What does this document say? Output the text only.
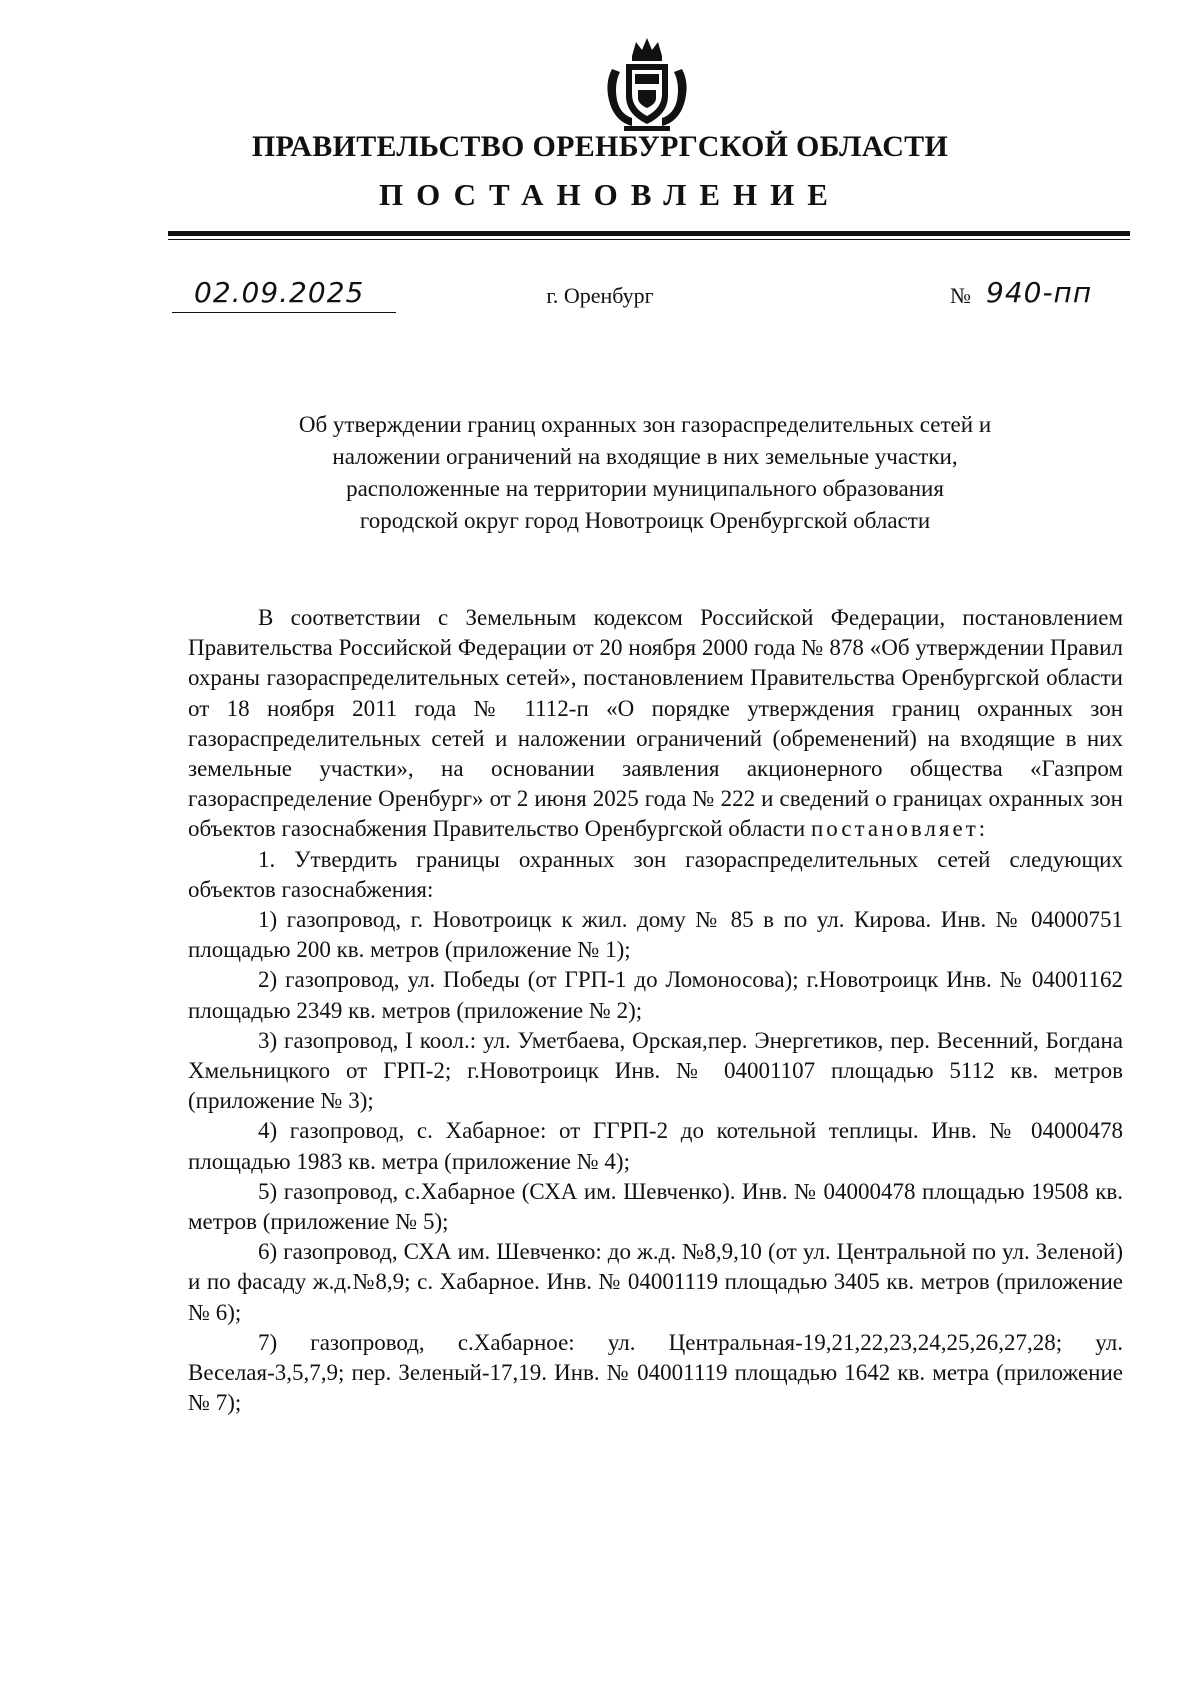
ПРАВИТЕЛЬСТВО ОРЕНБУРГСКОЙ ОБЛАСТИ
ПОСТАНОВЛЕНИЕ
02.09.2025	г. Оренбург	№ 940-пп
Об утверждении границ охранных зон газораспределительных сетей и
наложении ограничений на входящие в них земельные участки,
расположенные на территории муниципального образования
городской округ город Новотроицк Оренбургской области

В соответствии с Земельным кодексом Российской Федерации, постановлением Правительства Российской Федерации от 20 ноября 2000 года № 878 «Об утверждении Правил охраны газораспределительных сетей», постановлением Правительства Оренбургской области от 18 ноября 2011 года № 1112-п «О порядке утверждения границ охранных зон газораспределительных сетей и наложении ограничений (обременений) на входящие в них земельные участки», на основании заявления акционерного общества «Газпром газораспределение Оренбург» от 2 июня 2025 года № 222 и сведений о границах охранных зон объектов газоснабжения Правительство Оренбургской области постановляет:

1. Утвердить границы охранных зон газораспределительных сетей следующих объектов газоснабжения:

1) газопровод, г. Новотроицк к жил. дому № 85 в по ул. Кирова. Инв. № 04000751 площадью 200 кв. метров (приложение № 1);

2) газопровод, ул. Победы (от ГРП-1 до Ломоносова); г.Новотроицк Инв. № 04001162 площадью 2349 кв. метров (приложение № 2);

3) газопровод, I коол.: ул. Уметбаева, Орская,пер. Энергетиков, пер. Весенний, Богдана Хмельницкого от ГРП-2; г.Новотроицк Инв. № 04001107 площадью 5112 кв. метров (приложение № 3);

4) газопровод, с. Хабарное: от ГГРП-2 до котельной теплицы. Инв. № 04000478 площадью 1983 кв. метра (приложение № 4);

5) газопровод, с.Хабарное (СХА им. Шевченко). Инв. № 04000478 площадью 19508 кв. метров (приложение № 5);

6) газопровод, СХА им. Шевченко: до ж.д. №8,9,10 (от ул. Центральной по ул. Зеленой) и по фасаду ж.д.№8,9; с. Хабарное. Инв. № 04001119 площадью 3405 кв. метров (приложение № 6);

7) газопровод, с.Хабарное: ул. Центральная-19,21,22,23,24,25,26,27,28; ул. Веселая-3,5,7,9; пер. Зеленый-17,19. Инв. № 04001119 площадью 1642 кв. метра (приложение № 7);
